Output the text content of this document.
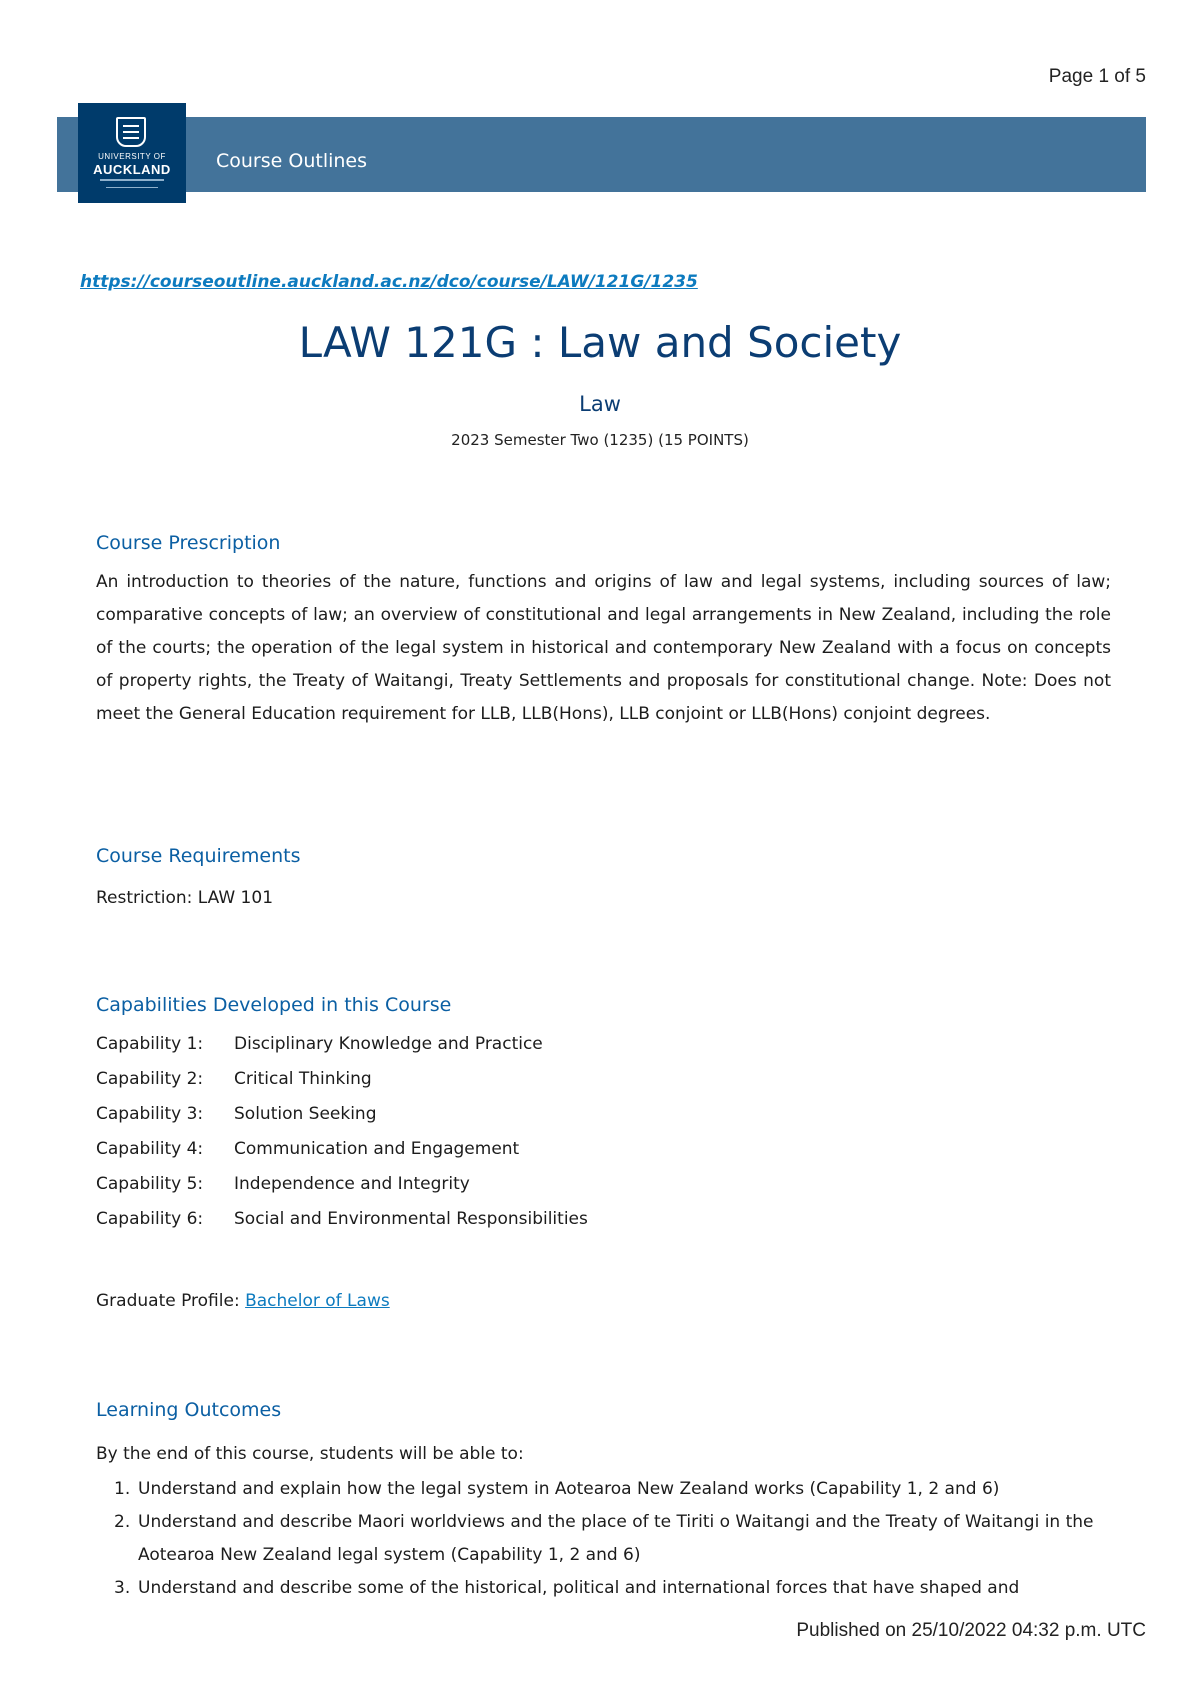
Page 1 of 5
UNIVERSITY OF
AUCKLAND	Course Outlines
https://courseoutline.auckland.ac.nz/dco/course/LAW/121G/1235
LAW 121G : Law and Society
Law
2023 Semester Two (1235) (15 POINTS)
Course Prescription
An introduction to theories of the nature, functions and origins of law and legal systems, including sources of law; comparative concepts of law; an overview of constitutional and legal arrangements in New Zealand, including the role of the courts; the operation of the legal system in historical and contemporary New Zealand with a focus on concepts of property rights, the Treaty of Waitangi, Treaty Settlements and proposals for constitutional change. Note: Does not meet the General Education requirement for LLB, LLB(Hons), LLB conjoint or LLB(Hons) conjoint degrees.
Course Requirements
Restriction: LAW 101
Capabilities Developed in this Course
Capability 1: Disciplinary Knowledge and Practice
Capability 2: Critical Thinking
Capability 3: Solution Seeking
Capability 4: Communication and Engagement
Capability 5: Independence and Integrity
Capability 6: Social and Environmental Responsibilities
Graduate Profile: Bachelor of Laws
Learning Outcomes
By the end of this course, students will be able to:
1. Understand and explain how the legal system in Aotearoa New Zealand works (Capability 1, 2 and 6)
2. Understand and describe Maori worldviews and the place of te Tiriti o Waitangi and the Treaty of Waitangi in the Aotearoa New Zealand legal system (Capability 1, 2 and 6)
3. Understand and describe some of the historical, political and international forces that have shaped and
Published on 25/10/2022 04:32 p.m. UTC
